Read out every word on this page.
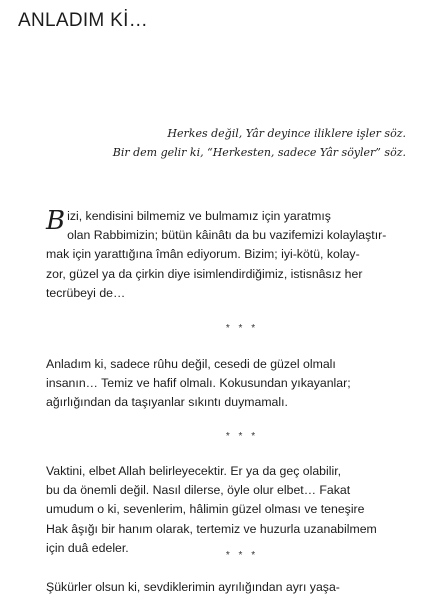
ANLADIM Kİ…
Herkes değil, Yâr deyince iliklere işler söz.
Bir dem gelir ki, “Herkesten, sadece Yâr söyler” söz.
Bizi, kendisini bilmemiz ve bulmamız için yaratmış
olan Rabbimizin; bütün kâinâtı da bu vazifemizi kolaylaştır-
mak için yarattığına îmân ediyorum. Bizim; iyi-kötü, kolay-
zor, güzel ya da çirkin diye isimlendirdiğimiz, istisnâsız her
tecrübeyi de…
* * *
Anladım ki, sadece rûhu değil, cesedi de güzel olmalı
insanın… Temiz ve hafif olmalı. Kokusundan yıkayanlar;
ağırlığından da taşıyanlar sıkıntı duymamalı.
* * *
Vaktini, elbet Allah belirleyecektir. Er ya da geç olabilir,
bu da önemli değil. Nasıl dilerse, öyle olur elbet… Fakat
umudum o ki, sevenlerim, hâlimin güzel olması ve teneşire
Hak âşığı bir hanım olarak, tertemiz ve huzurla uzanabilmem
için duâ edeler.
* * *
Şükürler olsun ki, sevdiklerimin ayrılığından ayrı yaşa-
